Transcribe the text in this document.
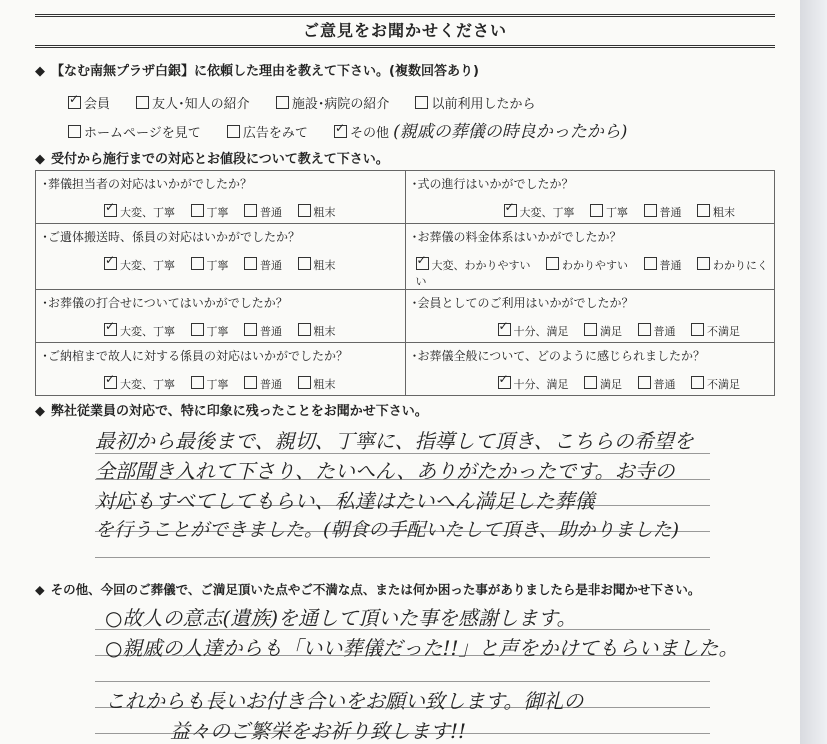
ご意見をお聞かせください
◆ 【なむ南無プラザ白銀】に依頼した理由を教えて下さい。(複数回答あり)
✓会員	友人･知人の紹介	施設･病院の紹介	以前利用したから
ホームページを見て	広告をみて ✓	その他 (親戚の葬儀の時良かったから)
◆ 受付から施行までの対応とお値段について教えて下さい。
･葬儀担当者の対応はいかがでしたか？
✓大変、丁寧	丁寧	普通	粗末

･式の進行はいかがでしたか？
✓大変、丁寧	丁寧	普通	粗末

･ご遺体搬送時、係員の対応はいかがでしたか？
✓大変、丁寧	丁寧	普通	粗末

･お葬儀の料金体系はいかがでしたか？
✓大変、わかりやすい	わかりやすい	普通	わかりにくい

･お葬儀の打合せについてはいかがでしたか？
✓大変、丁寧	丁寧	普通	粗末

･会員としてのご利用はいかがでしたか？
✓十分、満足	満足	普通	不満足

･ご納棺まで故人に対する係員の対応はいかがでしたか？
✓大変、丁寧	丁寧	普通	粗末

･お葬儀全般について、どのように感じられましたか？
✓十分、満足	満足	普通	不満足
◆ 弊社従業員の対応で、特に印象に残ったことをお聞かせ下さい。
最初から最後まで、親切、丁寧に、指導して頂き、こちらの希望を
全部聞き入れて下さり、たいへん、ありがたかったです。お寺の
対応もすべてしてもらい、私達はたいへん満足した葬儀
を行うことができました。(朝食の手配いたして頂き、助かりました)
◆ その他、今回のご葬儀で、ご満足頂いた点やご不満な点、または何か困った事がありましたら是非お聞かせ下さい。
○故人の意志(遺族)を通して頂いた事を感謝します。
○親戚の人達からも「いい葬儀だった!!」と声をかけてもらいました。
これからも長いお付き合いをお願い致します。御礼の
益々のご繁栄をお祈り致します!!
